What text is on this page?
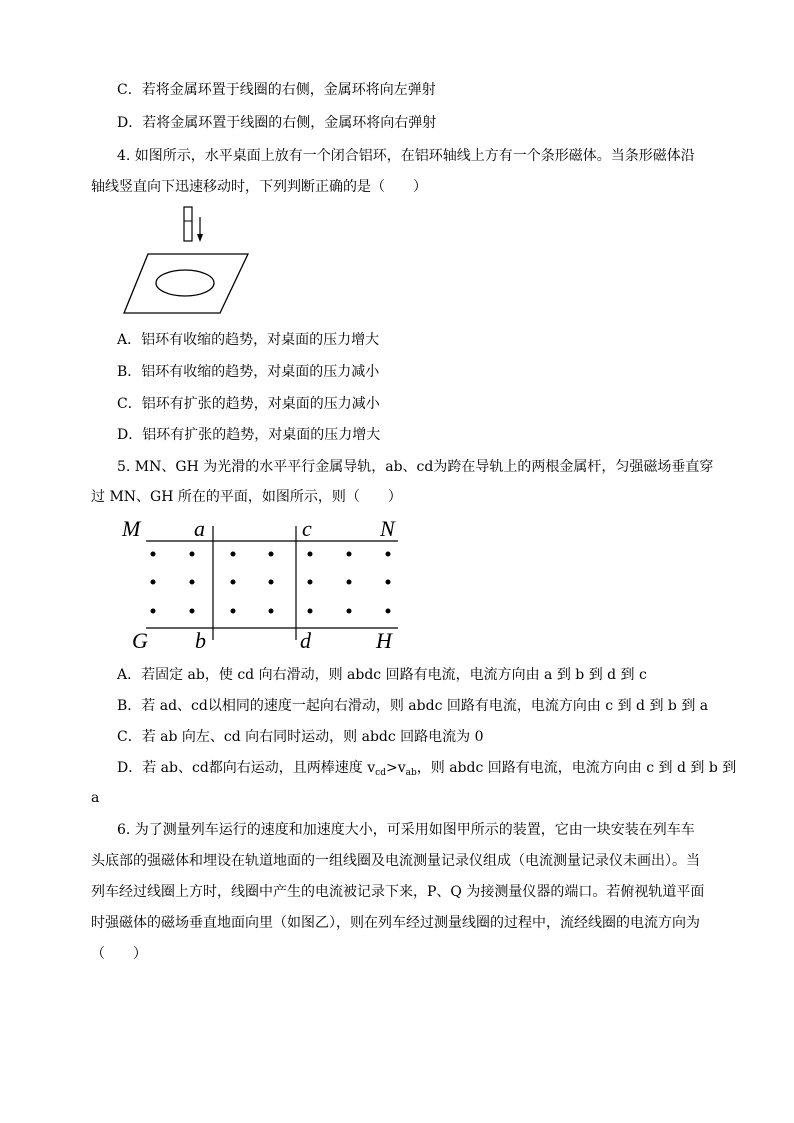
C．若将金属环置于线圈的右侧，金属环将向左弹射
D．若将金属环置于线圈的右侧，金属环将向右弹射
4. 如图所示，水平桌面上放有一个闭合铝环，在铝环轴线上方有一个条形磁体。当条形磁体沿
轴线竖直向下迅速移动时，下列判断正确的是（　　）
A．铝环有收缩的趋势，对桌面的压力增大
B．铝环有收缩的趋势，对桌面的压力减小
C．铝环有扩张的趋势，对桌面的压力减小
D．铝环有扩张的趋势，对桌面的压力增大
5. MN、GH 为光滑的水平平行金属导轨，ab、cd为跨在导轨上的两根金属杆，匀强磁场垂直穿
过 MN、GH 所在的平面，如图所示，则（　　）
M a	c	N
G b	d	H
A．若固定 ab，使 cd 向右滑动，则 abdc 回路有电流，电流方向由 a 到 b 到 d 到 c
B．若 ad、cd以相同的速度一起向右滑动，则 abdc 回路有电流，电流方向由 c 到 d 到 b 到 a
C．若 ab 向左、cd 向右同时运动，则 abdc 回路电流为 0
D．若 ab、cd都向右运动，且两棒速度 $v_{cd}>v_{ab}$，则 abdc 回路有电流，电流方向由 c 到 d 到 b 到
a
6. 为了测量列车运行的速度和加速度大小，可采用如图甲所示的装置，它由一块安装在列车车
头底部的强磁体和埋设在轨道地面的一组线圈及电流测量记录仪组成（电流测量记录仪未画出）。当
列车经过线圈上方时，线圈中产生的电流被记录下来，P、Q 为接测量仪器的端口。若俯视轨道平面
时强磁体的磁场垂直地面向里（如图乙），则在列车经过测量线圈的过程中，流经线圈的电流方向为
（　　）
